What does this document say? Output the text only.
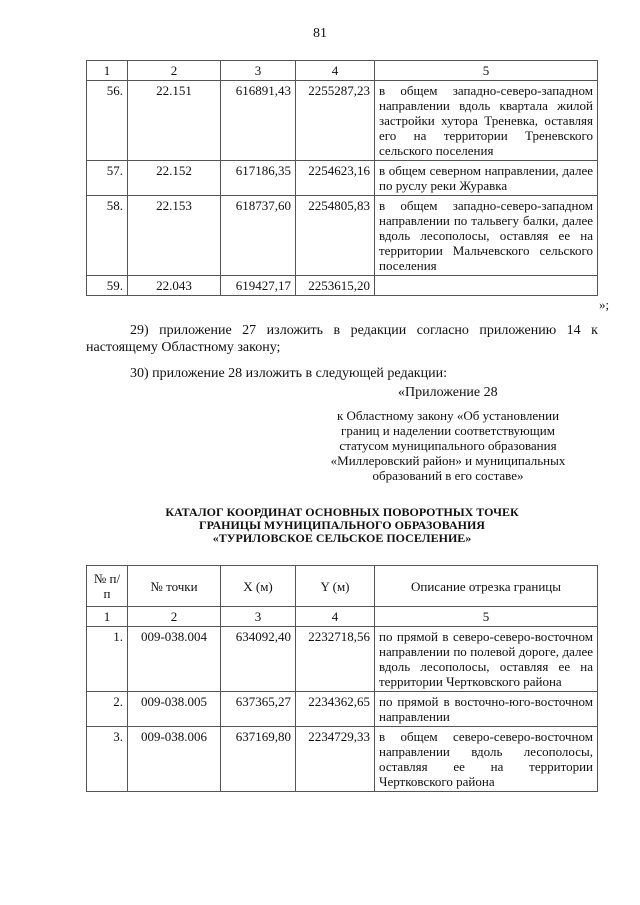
81
1	2	3	4	5
56.	22.151	616891,43	2255287,23	в общем западно-северо-западном направлении вдоль квартала жилой застройки хутора Треневка, оставляя его на территории Треневского сельского поселения
57.	22.152	617186,35	2254623,16	в общем северном направлении, далее по руслу реки Журавка
58.	22.153	618737,60	2254805,83	в общем западно-северо-западном направлении по тальвегу балки, далее вдоль лесополосы, оставляя ее на территории Мальчевского сельского поселения
59.	22.043	619427,17	2253615,20	
»;
29) приложение 27 изложить в редакции согласно приложению 14 к настоящему Областному закону;
30) приложение 28 изложить в следующей редакции:
«Приложение 28
к Областному закону «Об установлении
границ и наделении соответствующим
статусом муниципального образования
«Миллеровский район» и муниципальных
образований в его составе»
КАТАЛОГ КООРДИНАТ ОСНОВНЫХ ПОВОРОТНЫХ ТОЧЕК
ГРАНИЦЫ МУНИЦИПАЛЬНОГО ОБРАЗОВАНИЯ
«ТУРИЛОВСКОЕ СЕЛЬСКОЕ ПОСЕЛЕНИЕ»
№ п/п	№ точки	X (м)	Y (м)	Описание отрезка границы
1	2	3	4	5
1.	009-038.004	634092,40	2232718,56	по прямой в северо-северо-восточном направлении по полевой дороге, далее вдоль лесополосы, оставляя ее на территории Чертковского района
2.	009-038.005	637365,27	2234362,65	по прямой в восточно-юго-восточном направлении
3.	009-038.006	637169,80	2234729,33	в общем северо-северо-восточном направлении вдоль лесополосы, оставляя ее на территории Чертковского района
